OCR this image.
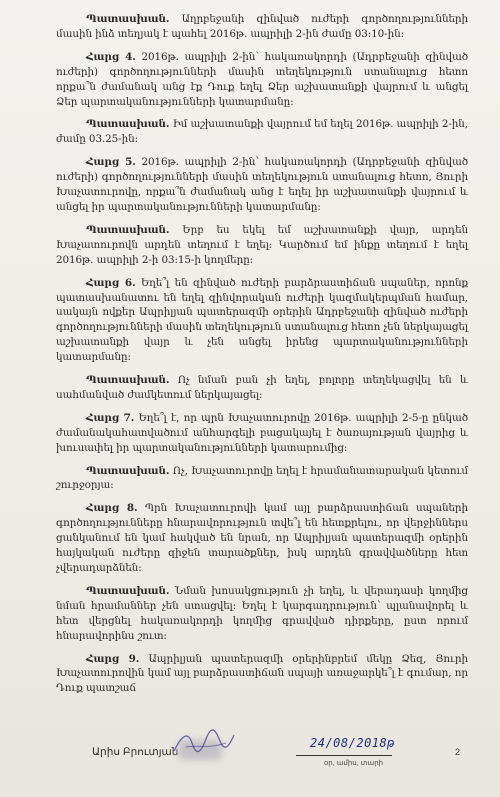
Պատասխան. Աղրբեջանի զինված ուժերի գործողությունների մասին ինձ տեղյակ է պահել 2016թ. ապրիլի 2-ին ժամը 03:10-ին:

Հարց 4. 2016թ. ապրիլի 2-ին՝ հակառակորդի (Ադրբեջանի զինված ուժերի) գործողությունների մասին տեղեկություն ստանալուց հետո որքա՞ն ժամանակ անց էք Դուք եղել Ձեր աշխատանքի վայրում և անցել Ձեր պարտականությունների կատարմանը:

Պատասխան. Իմ աշխատանքի վայրում եմ եղել 2016թ. ապրիլի 2-ին, ժամը 03.25-ին:

Հարց 5. 2016թ. ապրիլի 2-ին՝ հակառակորդի (Ադրբեջանի զինված ուժերի) գործողությունների մասին տեղեկություն ստանալուց հետո, Յուրի Խաչատուրովը, որքա՞ն ժամանակ անց է եղել իր աշխատանքի վայրում և անցել իր պարտականությունների կատարմանը:

Պատասխան. Երբ ես եկել եմ աշխատանքի վայր, արդեն Խաչատուրովն արդեն տեղում է եղել: Կարծում եմ ինքը տեղում է եղել 2016թ. ապրիլի 2-ի 03:15-ի կողմերը:

Հարց 6. Եղե՞լ են զինված ուժերի բարձրաստիճան սպաներ, որոնք պատասխանատու են եղել զինվորական ուժերի կազմակերպման համար, սակայն ովքեր Ապրիլյան պատերազմի օրերին Ադրբեջանի զինված ուժերի գործողությունների մասին տեղեկություն ստանալուց հետո չեն ներկայացել աշխատանքի վայր և չեն անցել իրենց պարտականությունների կատարմանը:

Պատասխան. Ոչ նման բան չի եղել, բոլորը տեղեկացվել են և սահմանված ժամկետում ներկայացել:

Հարց 7. Եղե՞լ է, որ պրն Խաչատուրովը 2016թ. ապրիլի 2-5-ը ընկած ժամանակահատվածում անհարգելի բացակայել է ծառայության վայրից և խուսափել իր պարտականությունների կատարումից:

Պատասխան. Ոչ, Խաչատուրովը եղել է հրամանատարական կետում շուրջօրյա:

Հարց 8. Պրն Խաչատուրովի կամ այլ բարձրաստիճան սպաների գործողությունները հնարավորություն տվե՞լ են հետքրելու, որ վերջիններս ցանկանում են կամ հակված են նրան, որ Ապրիլյան պատերազմի օրերին հայկական ուժերը զիջեն տարածքներ, իսկ արդեն գրավվածները հետ չվերադարձնեն:

Պատասխան. Նման խոսակցություն չի եղել, և վերադասի կողմից նման հրամաններ չեն ստացվել: Եղել է կարգադրություն՝ պլանավորել և հետ վերցնել հակառակորդի կողմից գրավված դիրքերը, ըստ որում հնարավորինս շուտ:

Հարց 9. Ապրիլյան պատերազմի օրերինբրեմ մեկը Ձեզ, Յուրի Խաչատուրովին կամ այլ բարձրաստիճան սպայի առաջարկե՞լ է գումար, որ Դուք պատշաճ

Արիս Բրուտյան
24/08/2018թ
օր, ամիս, տարի
2
